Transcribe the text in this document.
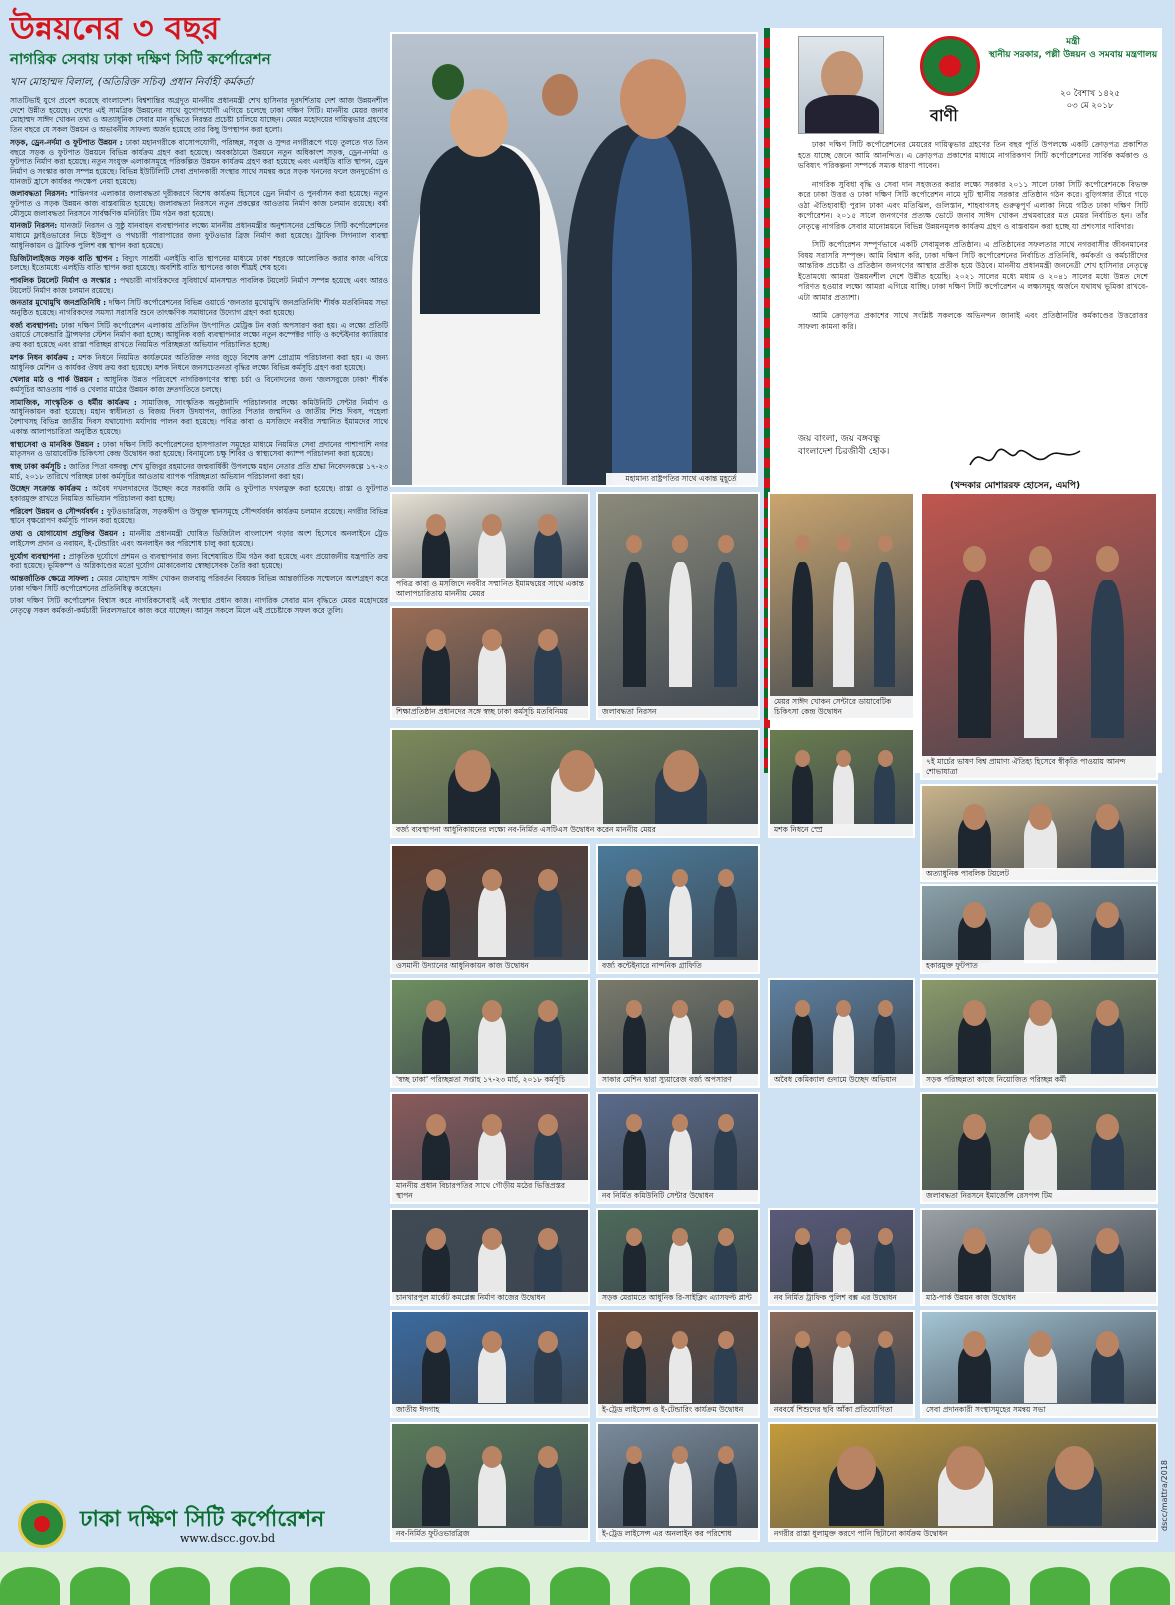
উন্নয়নের ৩ বছর
নাগরিক সেবায় ঢাকা দক্ষিণ সিটি কর্পোরেশন
খান মোহাম্মদ বিলাল, (অতিরিক্ত সচিব) প্রধান নির্বাহী কর্মকর্তা

সাতটিভাই যুগে প্রবেশ করেছে বাংলাদেশ। বিশ্বশান্তির অগ্রদূত মাননীয় প্রধানমন্ত্রী শেখ হাসিনার দূরদর্শিতায় দেশ আজ উন্নয়নশীল দেশে উন্নীত হয়েছে। দেশের এই সামগ্রিক উন্নয়নের সাথে যুগোপযোগী এগিয়ে চলেছে ঢাকা দক্ষিণ সিটি। মাননীয় মেয়র জনাব মোহাম্মদ সাঈদ খোকন তথ্য ও অত্যাধুনিক সেবার মান বৃদ্ধিতে নিরন্তর প্রচেষ্টা চালিয়ে যাচ্ছেন। মেয়র মহোদয়ের দায়িত্বভার গ্রহণের তিন বছরে যে সকল উন্নয়ন ও অভাবনীয় সাফল্য অর্জন হয়েছে তার কিছু উপস্থাপন করা হলো।

সড়ক, ড্রেন-নর্দমা ও ফুটপাত উন্নয়ন : ঢাকা মহানগরীকে বাসোপযোগী, পরিচ্ছন্ন, সবুজ ও সুন্দর নগরীরূপে গড়ে তুলতে গত তিন বছরে সড়ক ও ফুটপাত উন্নয়নে বিভিন্ন কার্যক্রম গ্রহণ করা হয়েছে। অবকাঠামো উন্নয়নে নতুন অধিকাংশ সড়ক, ড্রেন-নর্দমা ও ফুটপাত নির্মাণ করা হয়েছে। নতুন সংযুক্ত এলাকাসমূহে পরিকল্পিত উন্নয়ন কার্যক্রম গ্রহণ করা হয়েছে এবং এলইডি বাতি স্থাপন, ড্রেন নির্মাণ ও সংস্কার কাজ সম্পন্ন হয়েছে। বিভিন্ন ইউটিলিটি সেবা প্রদানকারী সংস্থার সাথে সমন্বয় করে সড়ক খননের ফলে জনদুর্ভোগ ও যানজট হ্রাসে কার্যকর পদক্ষেপ নেয়া হয়েছে।

জলাবদ্ধতা নিরসন: শান্তিনগর এলাকার জলাবদ্ধতা দূরীকরণে বিশেষ কার্যক্রম হিসেবে ড্রেন নির্মাণ ও পুনর্বাসন করা হয়েছে। নতুন ফুটপাত ও সড়ক উন্নয়ন কাজ বাস্তবায়িত হয়েছে। জলাবদ্ধতা নিরসনে নতুন প্রকল্পের আওতায় নির্মাণ কাজ চলমান রয়েছে। বর্ষা মৌসুমে জলাবদ্ধতা নিরসনে সার্বক্ষণিক মনিটরিং টিম গঠন করা হয়েছে।

যানজট নিরসন: যানজট নিরসন ও সুষ্ঠু যানবাহন ব্যবস্থাপনার লক্ষ্যে মাননীয় প্রধানমন্ত্রীর অনুশাসনের প্রেক্ষিতে সিটি কর্পোরেশনের মাধ্যমে ফ্লাইওভারের নিচে ইউলুপ ও পথচারী পারাপারের জন্য ফুটওভার ব্রিজ নির্মাণ করা হয়েছে। ট্রাফিক সিগন্যাল ব্যবস্থা আধুনিকায়ন ও ট্রাফিক পুলিশ বক্স স্থাপন করা হয়েছে।

ডিজিটালাইজড সড়ক বাতি স্থাপন : বিদ্যুৎ সাশ্রয়ী এলইডি বাতি স্থাপনের মাধ্যমে ঢাকা শহরকে আলোকিত করার কাজ এগিয়ে চলছে। ইতোমধ্যে এলইডি বাতি স্থাপন করা হয়েছে। অবশিষ্ট বাতি স্থাপনের কাজ শীঘ্রই শেষ হবে।

পাবলিক টয়লেট নির্মাণ ও সংস্কার : পথচারী নাগরিকদের সুবিধার্থে মানসম্মত পাবলিক টয়লেট নির্মাণ সম্পন্ন হয়েছে এবং আরও টয়লেট নির্মাণ কাজ চলমান রয়েছে।

জনতার মুখোমুখি জনপ্রতিনিধি : দক্ষিণ সিটি কর্পোরেশনের বিভিন্ন ওয়ার্ডে 'জনতার মুখোমুখি জনপ্রতিনিধি' শীর্ষক মতবিনিময় সভা অনুষ্ঠিত হয়েছে। নাগরিকদের সমস্যা সরাসরি শুনে তাৎক্ষণিক সমাধানের উদ্যোগ গ্রহণ করা হয়েছে।

বর্জ্য ব্যবস্থাপনা: ঢাকা দক্ষিণ সিটি কর্পোরেশন এলাকায় প্রতিদিন উৎপাদিত মেট্রিক টন বর্জ্য অপসারণ করা হয়। এ লক্ষ্যে প্রতিটি ওয়ার্ডে সেকেন্ডারি ট্রান্সফার স্টেশন নির্মাণ করা হচ্ছে। আধুনিক বর্জ্য ব্যবস্থাপনার লক্ষ্যে নতুন কম্পেক্টর গাড়ি ও কন্টেইনার ক্যারিয়ার ক্রয় করা হয়েছে এবং রাস্তা পরিচ্ছন্ন রাখতে নিয়মিত পরিচ্ছন্নতা অভিযান পরিচালিত হচ্ছে।

মশক নিধন কার্যক্রম : মশক নিধনে নিয়মিত কার্যক্রমের অতিরিক্ত নগর জুড়ে বিশেষ ক্রাশ প্রোগ্রাম পরিচালনা করা হয়। এ জন্য আধুনিক মেশিন ও কার্যকর ঔষধ ক্রয় করা হয়েছে। মশক নিধনে জনসচেতনতা বৃদ্ধির লক্ষ্যে বিভিন্ন কর্মসূচি গ্রহণ করা হয়েছে।

খেলার মাঠ ও পার্ক উন্নয়ন : আধুনিক উন্নত পরিবেশে নাগরিকগণের স্বাস্থ্য চর্চা ও বিনোদনের জন্য 'জলসবুজে ঢাকা' শীর্ষক কর্মসূচির আওতায় পার্ক ও খেলার মাঠের উন্নয়ন কাজ দ্রুতগতিতে চলছে।

সামাজিক, সাংস্কৃতিক ও ধর্মীয় কার্যক্রম : সামাজিক, সাংস্কৃতিক অনুষ্ঠানাদি পরিচালনার লক্ষ্যে কমিউনিটি সেন্টার নির্মাণ ও আধুনিকায়ন করা হয়েছে। মহান স্বাধীনতা ও বিজয় দিবস উদযাপন, জাতির পিতার জন্মদিন ও জাতীয় শিশু দিবস, পহেলা বৈশাখসহ বিভিন্ন জাতীয় দিবস যথাযোগ্য মর্যাদায় পালন করা হয়েছে। পবিত্র কাবা ও মসজিদে নববীর সম্মানিত ইমামদের সাথে একান্ত আলাপচারিতা অনুষ্ঠিত হয়েছে।

স্বাস্থ্যসেবা ও মানবিক উন্নয়ন : ঢাকা দক্ষিণ সিটি কর্পোরেশনের হাসপাতাল সমূহের মাধ্যমে নিয়মিত সেবা প্রদানের পাশাপাশি নগর মাতৃসদন ও ডায়াবেটিক চিকিৎসা কেন্দ্র উদ্বোধন করা হয়েছে। বিনামূল্যে চক্ষু শিবির ও স্বাস্থ্যসেবা ক্যাম্প পরিচালনা করা হয়েছে।

স্বচ্ছ ঢাকা কর্মসূচি : জাতির পিতা বঙ্গবন্ধু শেখ মুজিবুর রহমানের জন্মবার্ষিকী উপলক্ষে মহান নেতার প্রতি শ্রদ্ধা নিবেদনকল্পে ১৭-২৩ মার্চ, ২০১৮ তারিখে পরিচ্ছন্ন ঢাকা কর্মসূচির আওতায় ব্যাপক পরিচ্ছন্নতা অভিযান পরিচালনা করা হয়।

উচ্ছেদ সংক্রান্ত কার্যক্রম : অবৈধ দখলদারদের উচ্ছেদ করে সরকারি জমি ও ফুটপাত দখলমুক্ত করা হয়েছে। রাস্তা ও ফুটপাত হকারমুক্ত রাখতে নিয়মিত অভিযান পরিচালনা করা হচ্ছে।

পরিবেশ উন্নয়ন ও সৌন্দর্যবর্ধন : ফুটওভারব্রিজ, সড়কদ্বীপ ও উন্মুক্ত স্থানসমূহে সৌন্দর্যবর্ধন কার্যক্রম চলমান রয়েছে। নগরীর বিভিন্ন স্থানে বৃক্ষরোপণ কর্মসূচি পালন করা হয়েছে।

তথ্য ও যোগাযোগ প্রযুক্তির উন্নয়ন : মাননীয় প্রধানমন্ত্রী ঘোষিত ডিজিটাল বাংলাদেশ গড়ার অংশ হিসেবে অনলাইনে ট্রেড লাইসেন্স প্রদান ও নবায়ন, ই-টেন্ডারিং এবং অনলাইন কর পরিশোধ চালু করা হয়েছে।

দুর্যোগ ব্যবস্থাপনা : প্রাকৃতিক দুর্যোগে প্রশমন ও ব্যবস্থাপনার জন্য বিশেষায়িত টিম গঠন করা হয়েছে এবং প্রয়োজনীয় যন্ত্রপাতি ক্রয় করা হয়েছে। ভূমিকম্প ও অগ্নিকাণ্ডের মতো দুর্যোগ মোকাবেলায় স্বেচ্ছাসেবক তৈরি করা হয়েছে।

আন্তর্জাতিক ক্ষেত্রে সাফল্য : মেয়র মোহাম্মদ সাঈদ খোকন জলবায়ু পরিবর্তন বিষয়ক বিভিন্ন আন্তর্জাতিক সম্মেলনে অংশগ্রহণ করে ঢাকা দক্ষিণ সিটি কর্পোরেশনের প্রতিনিধিত্ব করেছেন।

ঢাকা দক্ষিণ সিটি কর্পোরেশন বিশ্বাস করে নাগরিকসেবাই এই সংস্থার প্রধান কাজ। নাগরিক সেবার মান বৃদ্ধিতে মেয়র মহোদয়ের নেতৃত্বে সকল কর্মকর্তা-কর্মচারী নিরলসভাবে কাজ করে যাচ্ছেন। আসুন সকলে মিলে এই প্রচেষ্টাকে সফল করে তুলি।

ঢাকা দক্ষিণ সিটি কর্পোরেশন
www.dscc.gov.bd
মহামান্য রাষ্ট্রপতির সাথে একান্ত মুহূর্তে
মন্ত্রী
স্থানীয় সরকার, পল্লী উন্নয়ন ও সমবায় মন্ত্রণালয়
২০ বৈশাখ ১৪২৫
০৩ মে ২০১৮
বাণী

ঢাকা দক্ষিণ সিটি কর্পোরেশনের মেয়রের দায়িত্বভার গ্রহণের তিন বছর পূর্তি উপলক্ষে একটি ক্রোড়পত্র প্রকাশিত হতে যাচ্ছে জেনে আমি আনন্দিত। এ ক্রোড়পত্র প্রকাশের মাধ্যমে নাগরিকগণ সিটি কর্পোরেশনের সার্বিক কর্মকাণ্ড ও ভবিষ্যৎ পরিকল্পনা সম্পর্কে সম্যক ধারণা পাবেন।

নাগরিক সুবিধা বৃদ্ধি ও সেবা দান সহজতর করার লক্ষ্যে সরকার ২০১১ সালে ঢাকা সিটি কর্পোরেশনকে বিভক্ত করে ঢাকা উত্তর ও ঢাকা দক্ষিণ সিটি কর্পোরেশন নামে দুটি স্থানীয় সরকার প্রতিষ্ঠান গঠন করে। বুড়িগঙ্গার তীরে গড়ে ওঠা ঐতিহ্যবাহী পুরান ঢাকা এবং মতিঝিল, গুলিস্তান, শাহবাগসহ গুরুত্বপূর্ণ এলাকা নিয়ে গঠিত ঢাকা দক্ষিণ সিটি কর্পোরেশন। ২০১৫ সালে জনগণের প্রত্যক্ষ ভোটে জনাব সাঈদ খোকন প্রথমবারের মত মেয়র নির্বাচিত হন। তাঁর নেতৃত্বে নাগরিক সেবার মানোন্নয়নে বিভিন্ন উন্নয়নমূলক কার্যক্রম গ্রহণ ও বাস্তবায়ন করা হচ্ছে যা প্রশংসার দাবিদার।

সিটি কর্পোরেশন সম্পূর্ণভাবে একটি সেবামূলক প্রতিষ্ঠান। এ প্রতিষ্ঠানের সফলতার সাথে নগরবাসীর জীবনমানের বিষয় সরাসরি সম্পৃক্ত। আমি বিশ্বাস করি, ঢাকা দক্ষিণ সিটি কর্পোরেশনের নির্বাচিত প্রতিনিধি, কর্মকর্তা ও কর্মচারীদের আন্তরিক প্রচেষ্টা ও প্রতিষ্ঠান জনগণের আস্থার প্রতীক হয়ে উঠবে। মাননীয় প্রধানমন্ত্রী জননেত্রী শেখ হাসিনার নেতৃত্বে ইতোমধ্যে আমরা উন্নয়নশীল দেশে উন্নীত হয়েছি। ২০২১ সালের মধ্যে মধ্যম ও ২০৪১ সালের মধ্যে উন্নত দেশে পরিণত হওয়ার লক্ষ্যে আমরা এগিয়ে যাচ্ছি। ঢাকা দক্ষিণ সিটি কর্পোরেশন এ লক্ষ্যসমূহ অর্জনে যথাযথ ভূমিকা রাখবে- এটা আমার প্রত্যাশা।

আমি ক্রোড়পত্র প্রকাশের সাথে সংশ্লিষ্ট সকলকে অভিনন্দন জানাই এবং প্রতিষ্ঠানটির কর্মকাণ্ডের উত্তরোত্তর সাফল্য কামনা করি।

জয় বাংলা, জয় বঙ্গবন্ধু
বাংলাদেশ চিরজীবী হোক।
(খন্দকার মোশাররফ হোসেন, এমপি)
পবিত্র কাবা ও মসজিদে নববীর সম্মানিত ইমামদ্বয়ের সাথে একান্ত আলাপচারিতায় মাননীয় মেয়র
জলাবদ্ধতা নিরসন
মেয়র সাঈদ খোকন সেন্টারে ডায়াবেটিক চিকিৎসা কেন্দ্র উদ্বোধন
৭ই মার্চের ভাষণ বিশ্ব প্রামাণ্য ঐতিহ্য হিসেবে স্বীকৃতি পাওয়ায় আনন্দ শোভাযাত্রা
শিক্ষাপ্রতিষ্ঠান প্রধানদের সঙ্গে স্বচ্ছ ঢাকা কর্মসূচি মতবিনিময়
বর্জ্য ব্যবস্থাপনা আধুনিকায়নের লক্ষ্যে নব-নির্মিত এসটিএস উদ্বোধন করেন মাননীয় মেয়র	মশক নিধনে স্প্রে
অত্যাধুনিক পাবলিক টয়লেট
ওসমানী উদ্যানের আধুনিকায়ন কাজ উদ্বোধন	বর্জ্য কন্টেইনারে নান্দনিক গ্রাফিতি	হকারমুক্ত ফুটপাত
'স্বচ্ছ ঢাকা' পরিচ্ছন্নতা সপ্তাহ ১৭-২৩ মার্চ, ২০১৮ কর্মসূচি	সাকার মেশিন দ্বারা স্যুয়ারেজ বর্জ্য অপসারণ	অবৈধ কেমিক্যাল গুদামে উচ্ছেদ অভিযান	সড়ক পরিচ্ছন্নতা কাজে নিয়োজিত পরিচ্ছন্ন কর্মী
মাননীয় প্রধান বিচারপতির সাথে গৌড়ীয় মঠের ভিত্তিপ্রস্তর স্থাপন	নব নির্মিত কমিউনিটি সেন্টার উদ্বোধন	জলাবদ্ধতা নিরসনে ইমার্জেন্সি রেসপন্স টিম
চানখারপুল মার্কেট কমপ্লেক্স নির্মাণ কাজের উদ্বোধন	সড়ক মেরামতে আধুনিক রি-সাইক্লিং এ্যাসফল্ট প্লান্ট	নব নির্মিত ট্রাফিক পুলিশ বক্স এর উদ্বোধন	মাঠ-পার্ক উন্নয়ন কাজ উদ্বোধন
জাতীয় ঈদগাহ	ই-ট্রেড লাইসেন্স ও ই-টেন্ডারিং কার্যক্রম উদ্বোধন	নববর্ষে শিশুদের ছবি আঁকা প্রতিযোগিতা	সেবা প্রদানকারী সংস্থাসমূহের সমন্বয় সভা
নব-নির্মিত ফুটওভারব্রিজ	ই-ট্রেড লাইসেন্স এর অনলাইন কর পরিশোধ	নগরীর রাস্তা ধুলামুক্ত করণে পানি ছিটানো কার্যক্রম উদ্বোধন
dscc/mattra/2018
